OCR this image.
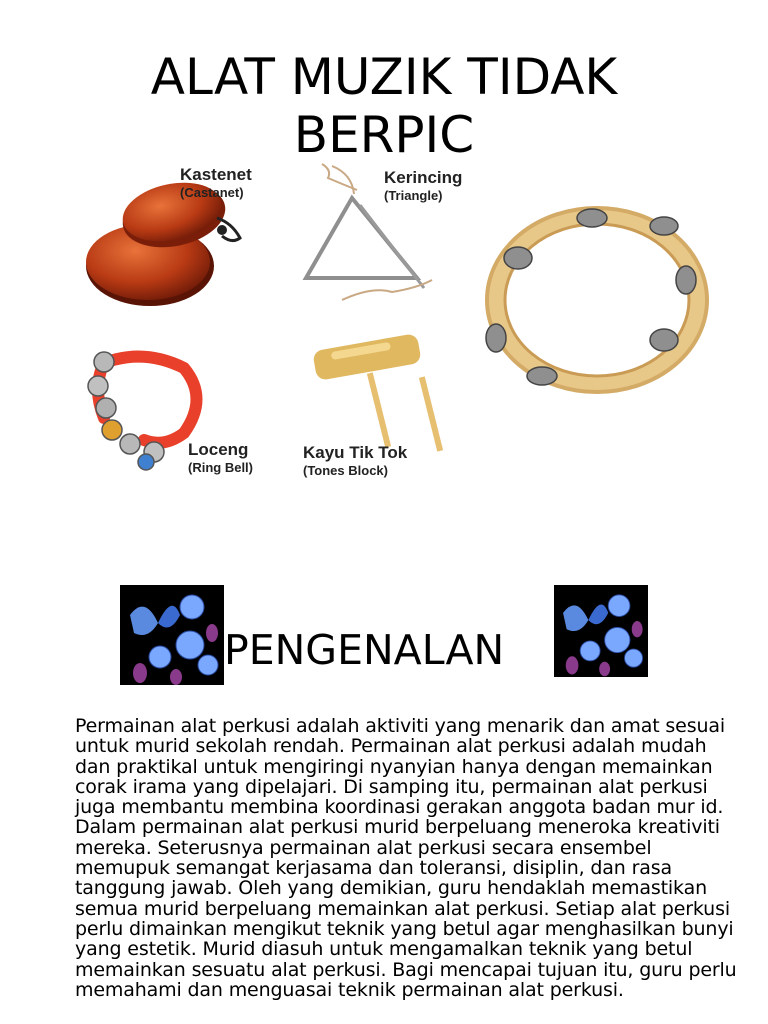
ALAT MUZIK TIDAK
BERPIC
Kastenet
(Castanet)
Kerincing
(Triangle)
Loceng
(Ring Bell)
Kayu Tik Tok
(Tones Block)
PENGENALAN

Permainan alat perkusi adalah aktiviti yang menarik dan amat sesuai untuk murid sekolah rendah. Permainan alat perkusi adalah mudah dan praktikal untuk mengiringi nyanyian hanya dengan memainkan corak irama yang dipelajari. Di samping itu, permainan alat perkusi juga membantu membina koordinasi gerakan anggota badan mur id. Dalam permainan alat perkusi murid berpeluang meneroka kreativiti mereka. Seterusnya permainan alat perkusi secara ensembel memupuk semangat kerjasama dan toleransi, disiplin, dan rasa tanggung jawab. Oleh yang demikian, guru hendaklah memastikan semua murid berpeluang memainkan alat perkusi. Setiap alat perkusi perlu dimainkan mengikut teknik yang betul agar menghasilkan bunyi yang estetik. Murid diasuh untuk mengamalkan teknik yang betul memainkan sesuatu alat perkusi. Bagi mencapai tujuan itu, guru perlu memahami dan menguasai teknik permainan alat perkusi.
